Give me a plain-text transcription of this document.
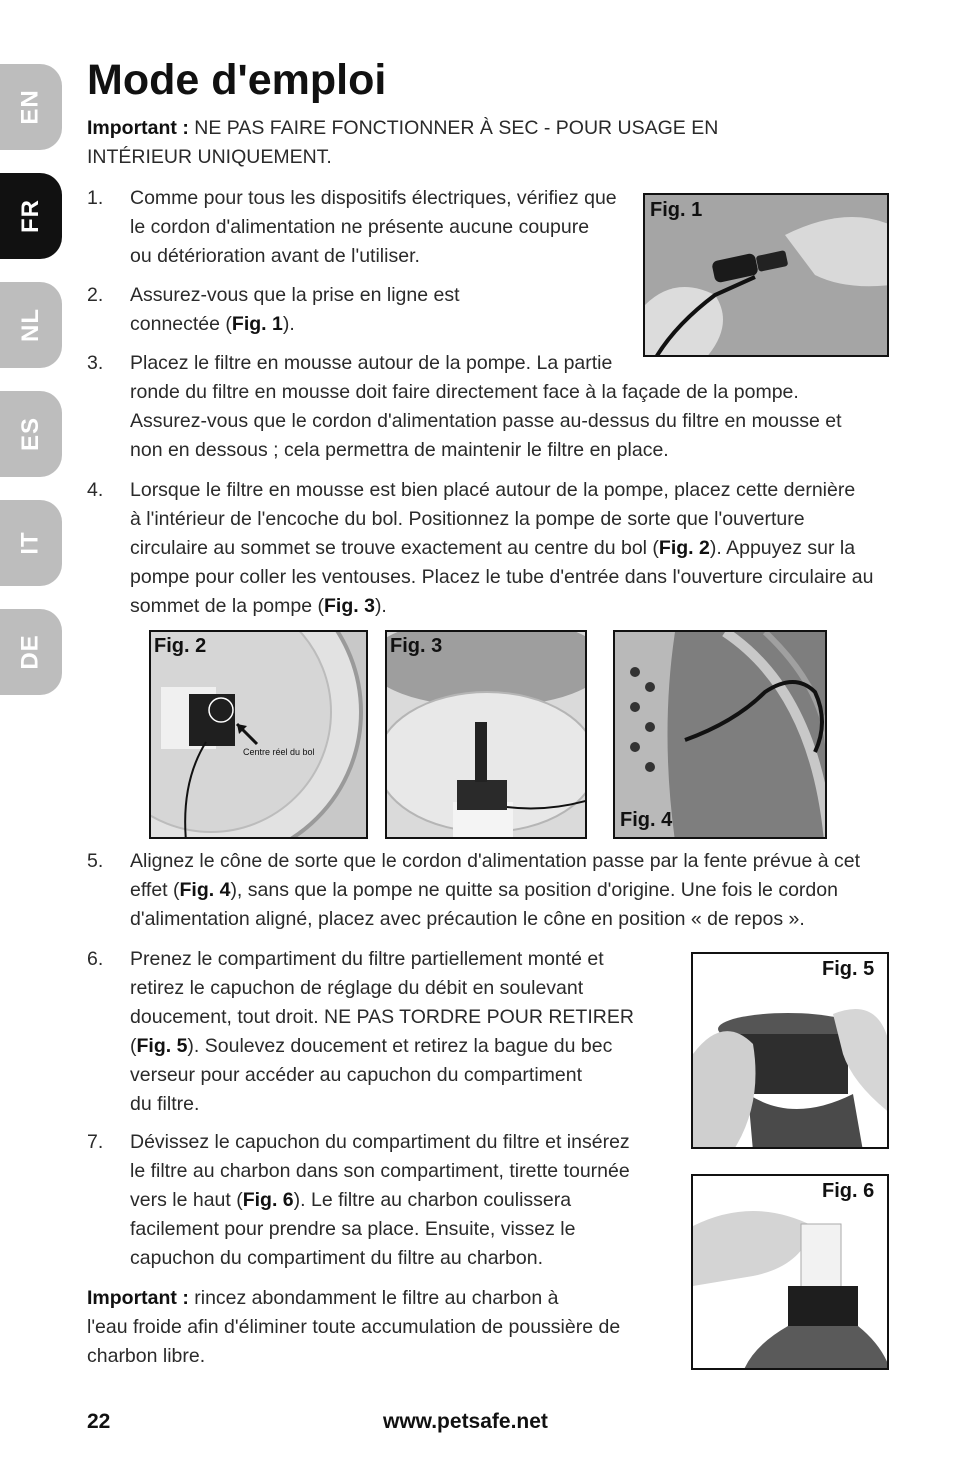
EN
FR
NL
ES
IT
DE
Mode d'emploi
Important : NE PAS FAIRE FONCTIONNER À SEC - POUR USAGE EN
INTÉRIEUR UNIQUEMENT.
1. Comme pour tous les dispositifs électriques, vérifiez que
le cordon d'alimentation ne présente aucune coupure
ou détérioration avant de l'utiliser.
2. Assurez-vous que la prise en ligne est
connectée (Fig. 1).
3. Placez le filtre en mousse autour de la pompe. La partie
ronde du filtre en mousse doit faire directement face à la façade de la pompe.
Assurez-vous que le cordon d'alimentation passe au-dessus du filtre en mousse et
non en dessous ; cela permettra de maintenir le filtre en place.
4. Lorsque le filtre en mousse est bien placé autour de la pompe, placez cette dernière
à l'intérieur de l'encoche du bol. Positionnez la pompe de sorte que l'ouverture
circulaire au sommet se trouve exactement au centre du bol (Fig. 2). Appuyez sur la
pompe pour coller les ventouses. Placez le tube d'entrée dans l'ouverture circulaire au
sommet de la pompe (Fig. 3).
Fig. 1
Centre réel du bol
Fig. 2	Fig. 3
Fig. 4
5. Alignez le cône de sorte que le cordon d'alimentation passe par la fente prévue à cet
effet (Fig. 4), sans que la pompe ne quitte sa position d'origine. Une fois le cordon
d'alimentation aligné, placez avec précaution le cône en position « de repos ».
6. Prenez le compartiment du filtre partiellement monté et
retirez le capuchon de réglage du débit en soulevant
doucement, tout droit. NE PAS TORDRE POUR RETIRER
(Fig. 5). Soulevez doucement et retirez la bague du bec
verseur pour accéder au capuchon du compartiment
du filtre.
Fig. 5
7. Dévissez le capuchon du compartiment du filtre et insérez
le filtre au charbon dans son compartiment, tirette tournée
vers le haut (Fig. 6). Le filtre au charbon coulissera
facilement pour prendre sa place. Ensuite, vissez le
capuchon du compartiment du filtre au charbon.
Fig. 6
Important : rincez abondamment le filtre au charbon à
l'eau froide afin d'éliminer toute accumulation de poussière de
charbon libre.
22	www.petsafe.net
